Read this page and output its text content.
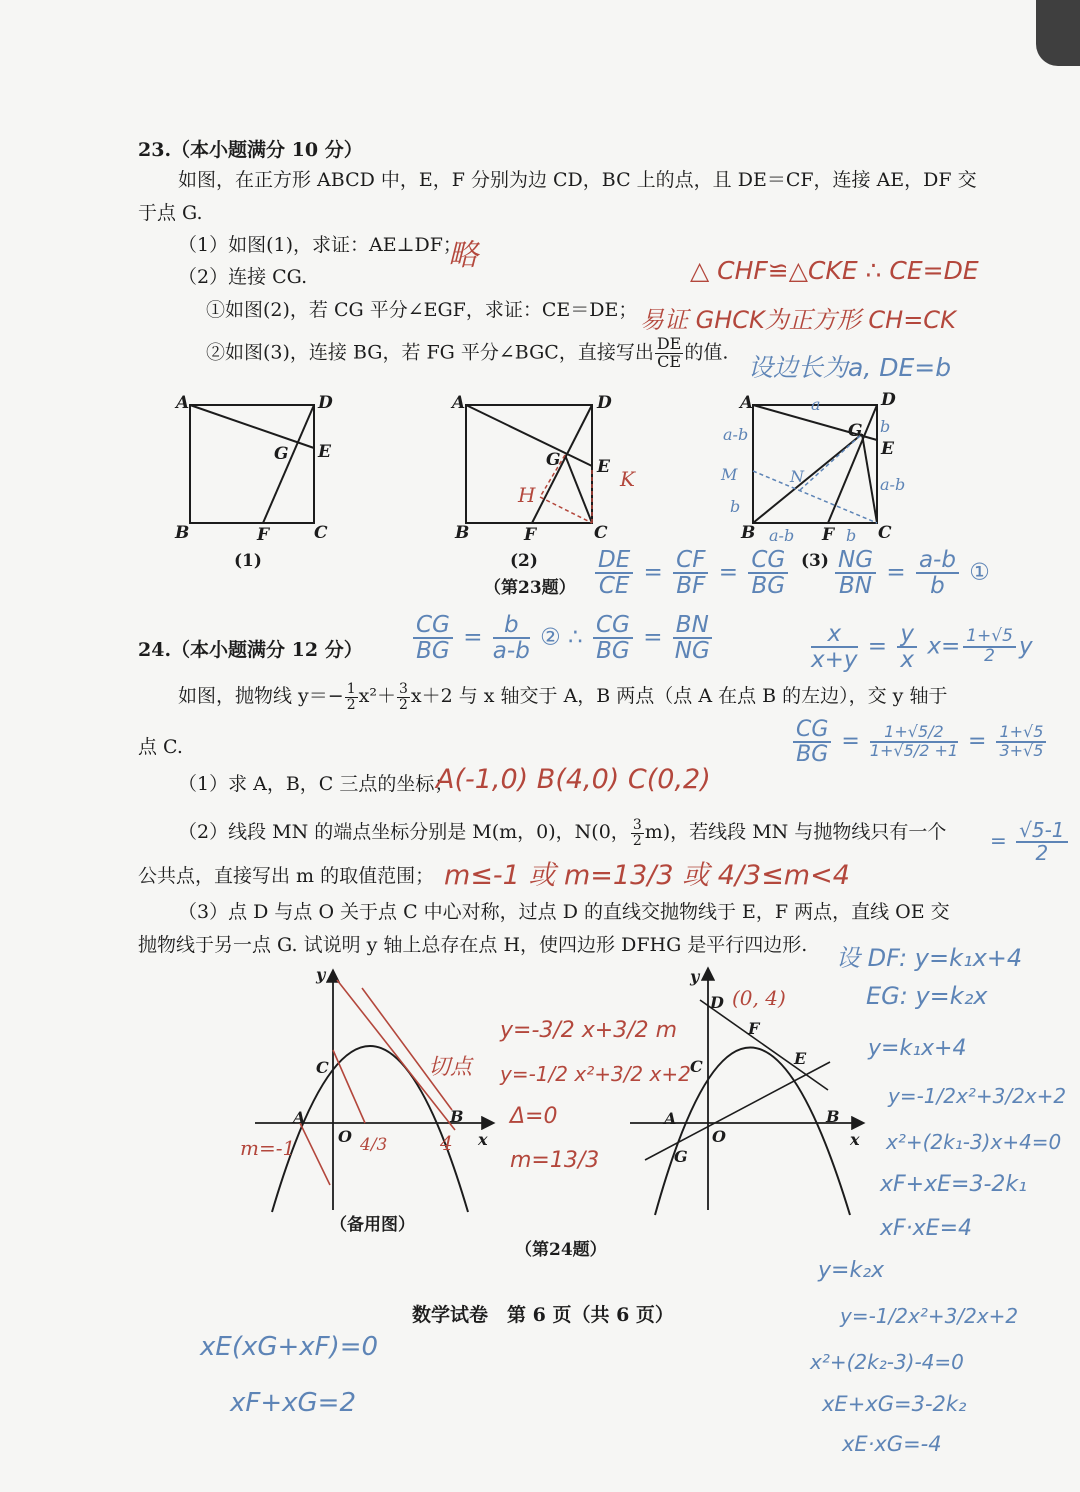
23.（本小题满分 10 分）
如图，在正方形 ABCD 中，E，F 分别为边 CD，BC 上的点，且 DE＝CF，连接 AE，DF 交
于点 G.
（1）如图(1)，求证：AE⊥DF；
（2）连接 CG.
①如图(2)，若 CG 平分∠EGF，求证：CE＝DE；
②如图(3)，连接 BG，若 FG 平分∠BGC，直接写出 $\frac{DE}{CE}$ 的值.
A	D
E
G
B	F	C
A	D
E
G
B	F	C
A	D
E
G
B	F	C
(1)	(2)	(3)
（第23题）
H
K
a
b
a-b
a-b
M	N
b
a-b	b
略	△ CHF≌△CKE ∴ CE=DE
易证 GHCK为正方形 CH=CK
设边长为a, DE=b
$\frac{DE}{CE} = \frac{CF}{BF} = \frac{CG}{BG} \frac{NG}{BN} = \frac{a-b}{b}$ ①
24.（本小题满分 12 分） $\frac{CG}{BG} = \frac{b}{a-b}$ ② ∴ $\frac{CG}{BG} = \frac{BN}{NG}$	$\frac{x}{x+y} = \frac{y}{x} x= \frac{1+√5}{2}$ y
如图，抛物线 $y=- \frac{1}{2} x^2+ \frac{3}{2} x+2$ 与 x 轴交于 A，B 两点（点 A 在点 B 的左边），交 y 轴于
点 C.
（1）求 A，B，C 三点的坐标；
A(-1,0) B(4,0) C(0,2)
（2）线段 MN 的端点坐标分别是 M(m，0)，N(0， $\frac{3}{2} m$)，若线段 MN 与抛物线只有一个
公共点，直接写出 m 的取值范围； m≤-1 或 m=13/3 或 4/3≤m<4
（3）点 D 与点 O 关于点 C 中心对称，过点 D 的直线交抛物线于 E，F 两点，直线 OE 交
抛物线于另一点 G. 试说明 y 轴上总存在点 H，使四边形 DFHG 是平行四边形.
$\frac{CG}{BG} = \frac{1+√5/2}{1+√5/2 +1} = \frac{1+√5}{3+√5}$
= $\frac{√5-1}{2}$
设 DF: y=k₁x+4
EG: y=k₂x
y=k₁x+4
y=-1/2x²+3/2x+2
x²+(2k₁-3)x+4=0
xF+xE=3-2k₁
xF·xE=4
y=k₂x
y=-1/2x²+3/2x+2
x²+(2k₂-3)-4=0
xE+xG=3-2k₂
xE·xG=-4
y
x
O
A	B
C
（备用图）
（第24题）
y
x
O
A	B
C
D
F
E
G
m=-1	4/3	4
(0, 4)
y=-3/2 x+3/2 m
y=-1/2 x²+3/2 x+2
切点
Δ=0
m=13/3
数学试卷　第 6 页（共 6 页）
xE(xG+xF)=0
xF+xG=2
